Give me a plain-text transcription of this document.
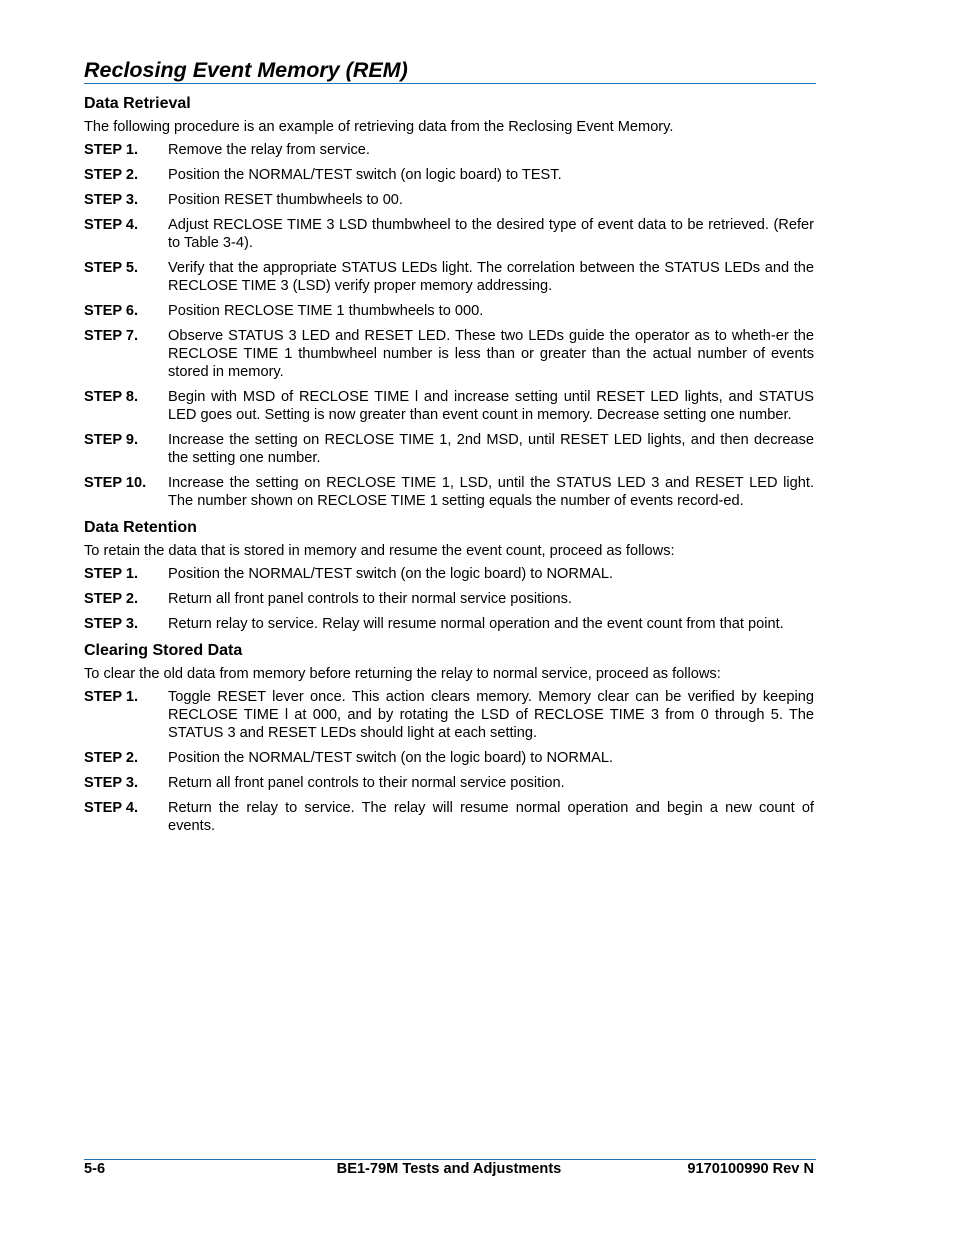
Reclosing Event Memory (REM)
Data Retrieval

The following procedure is an example of retrieving data from the Reclosing Event Memory.

STEP 1.	Remove the relay from service.
STEP 2.	Position the NORMAL/TEST switch (on logic board) to TEST.
STEP 3.	Position RESET thumbwheels to 00.
STEP 4.	Adjust RECLOSE TIME 3 LSD thumbwheel to the desired type of event data to be retrieved. (Refer to Table 3-4).
STEP 5.	Verify that the appropriate STATUS LEDs light. The correlation between the STATUS LEDs and the RECLOSE TIME 3 (LSD) verify proper memory addressing.
STEP 6.	Position RECLOSE TIME 1 thumbwheels to 000.
STEP 7.	Observe STATUS 3 LED and RESET LED. These two LEDs guide the operator as to wheth-er the RECLOSE TIME 1 thumbwheel number is less than or greater than the actual number of events stored in memory.
STEP 8.	Begin with MSD of RECLOSE TIME l and increase setting until RESET LED lights, and STATUS LED goes out. Setting is now greater than event count in memory. Decrease setting one number.
STEP 9.	Increase the setting on RECLOSE TIME 1, 2nd MSD, until RESET LED lights, and then decrease the setting one number.
STEP 10.	Increase the setting on RECLOSE TIME 1, LSD, until the STATUS LED 3 and RESET LED light. The number shown on RECLOSE TIME 1 setting equals the number of events record-ed.
Data Retention

To retain the data that is stored in memory and resume the event count, proceed as follows:

STEP 1.	Position the NORMAL/TEST switch (on the logic board) to NORMAL.
STEP 2.	Return all front panel controls to their normal service positions.
STEP 3.	Return relay to service. Relay will resume normal operation and the event count from that point.
Clearing Stored Data

To clear the old data from memory before returning the relay to normal service, proceed as follows:

STEP 1.	Toggle RESET lever once. This action clears memory. Memory clear can be verified by keeping RECLOSE TIME l at 000, and by rotating the LSD of RECLOSE TIME 3 from 0 through 5. The STATUS 3 and RESET LEDs should light at each setting.
STEP 2.	Position the NORMAL/TEST switch (on the logic board) to NORMAL.
STEP 3.	Return all front panel controls to their normal service position.
STEP 4.	Return the relay to service. The relay will resume normal operation and begin a new count of events.
BE1-79M Tests and Adjustments
5-6	9170100990 Rev N
